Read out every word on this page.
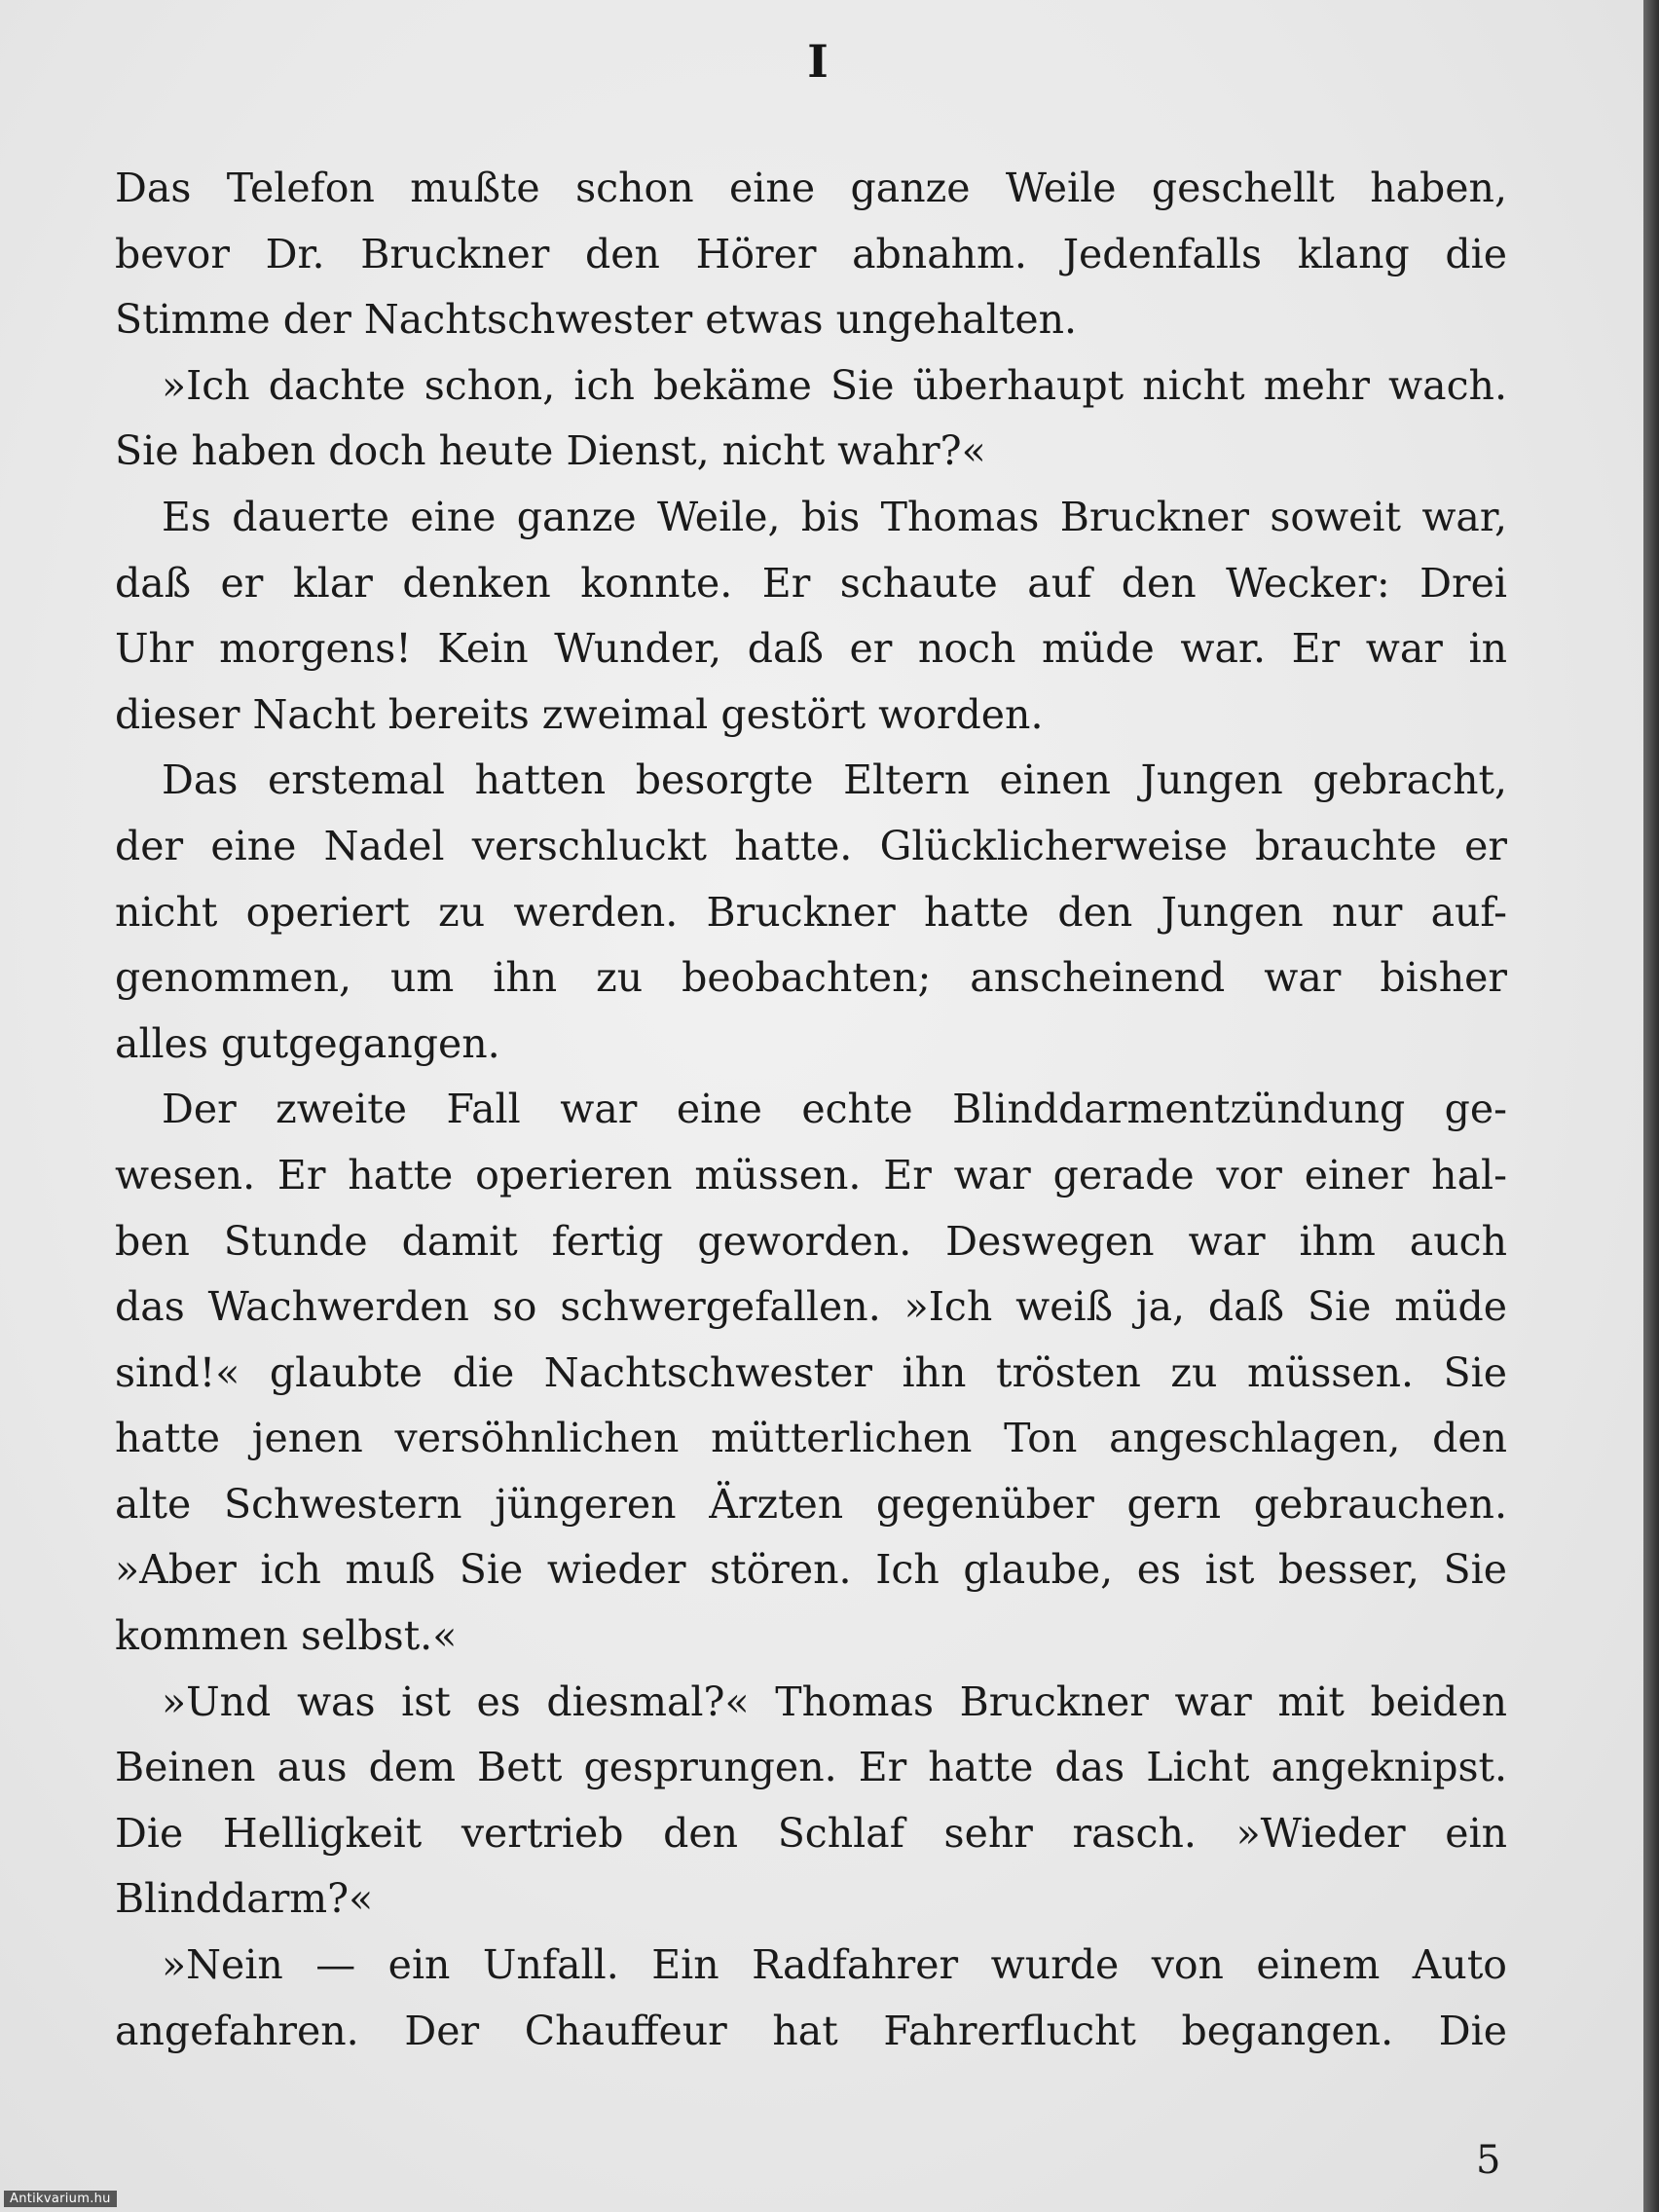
I
Das Telefon mußte schon eine ganze Weile geschellt haben,
bevor Dr. Bruckner den Hörer abnahm. Jedenfalls klang die
Stimme der Nachtschwester etwas ungehalten.
»Ich dachte schon, ich bekäme Sie überhaupt nicht mehr wach.
Sie haben doch heute Dienst, nicht wahr?«
Es dauerte eine ganze Weile, bis Thomas Bruckner soweit war,
daß er klar denken konnte. Er schaute auf den Wecker: Drei
Uhr morgens! Kein Wunder, daß er noch müde war. Er war in
dieser Nacht bereits zweimal gestört worden.
Das erstemal hatten besorgte Eltern einen Jungen gebracht,
der eine Nadel verschluckt hatte. Glücklicherweise brauchte er
nicht operiert zu werden. Bruckner hatte den Jungen nur auf-
genommen, um ihn zu beobachten; anscheinend war bisher
alles gutgegangen.
Der zweite Fall war eine echte Blinddarmentzündung ge-
wesen. Er hatte operieren müssen. Er war gerade vor einer hal-
ben Stunde damit fertig geworden. Deswegen war ihm auch
das Wachwerden so schwergefallen. »Ich weiß ja, daß Sie müde
sind!« glaubte die Nachtschwester ihn trösten zu müssen. Sie
hatte jenen versöhnlichen mütterlichen Ton angeschlagen, den
alte Schwestern jüngeren Ärzten gegenüber gern gebrauchen.
»Aber ich muß Sie wieder stören. Ich glaube, es ist besser, Sie
kommen selbst.«
»Und was ist es diesmal?« Thomas Bruckner war mit beiden
Beinen aus dem Bett gesprungen. Er hatte das Licht angeknipst.
Die Helligkeit vertrieb den Schlaf sehr rasch. »Wieder ein
Blinddarm?«
»Nein — ein Unfall. Ein Radfahrer wurde von einem Auto
angefahren. Der Chauffeur hat Fahrerflucht begangen. Die
5
Antikvarium.hu
